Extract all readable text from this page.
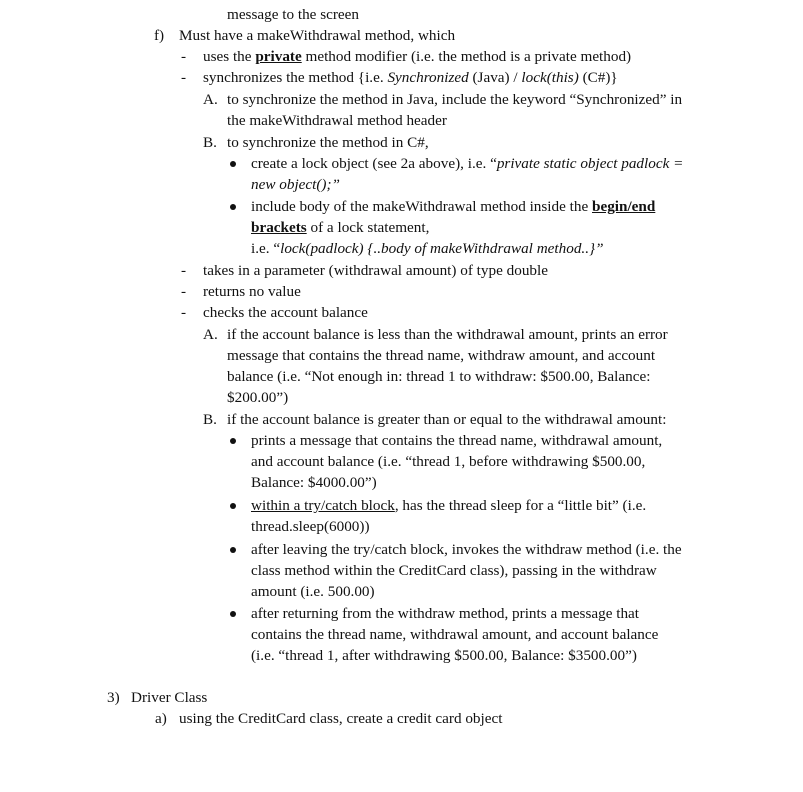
message to the screen
f) Must have a makeWithdrawal method, which
- uses the private method modifier (i.e. the method is a private method)
- synchronizes the method {i.e. Synchronized (Java) / lock(this) (C#)}
A. to synchronize the method in Java, include the keyword “Synchronized” in
the makeWithdrawal method header
B. to synchronize the method in C#,
create a lock object (see 2a above), i.e. “private static object padlock =
new object();”
include body of the makeWithdrawal method inside the begin/end
brackets of a lock statement,
i.e. “lock(padlock) {..body of makeWithdrawal method..}”
- takes in a parameter (withdrawal amount) of type double
- returns no value
- checks the account balance
A. if the account balance is less than the withdrawal amount, prints an error
message that contains the thread name, withdraw amount, and account
balance (i.e. “Not enough in: thread 1 to withdraw: $500.00, Balance:
$200.00”)
B. if the account balance is greater than or equal to the withdrawal amount:
prints a message that contains the thread name, withdrawal amount,
and account balance (i.e. “thread 1, before withdrawing $500.00,
Balance: $4000.00”)
within a try/catch block, has the thread sleep for a “little bit” (i.e.
thread.sleep(6000))
after leaving the try/catch block, invokes the withdraw method (i.e. the
class method within the CreditCard class), passing in the withdraw
amount (i.e. 500.00)
after returning from the withdraw method, prints a message that
contains the thread name, withdrawal amount, and account balance
(i.e. “thread 1, after withdrawing $500.00, Balance: $3500.00”)
3) Driver Class
a) using the CreditCard class, create a credit card object
